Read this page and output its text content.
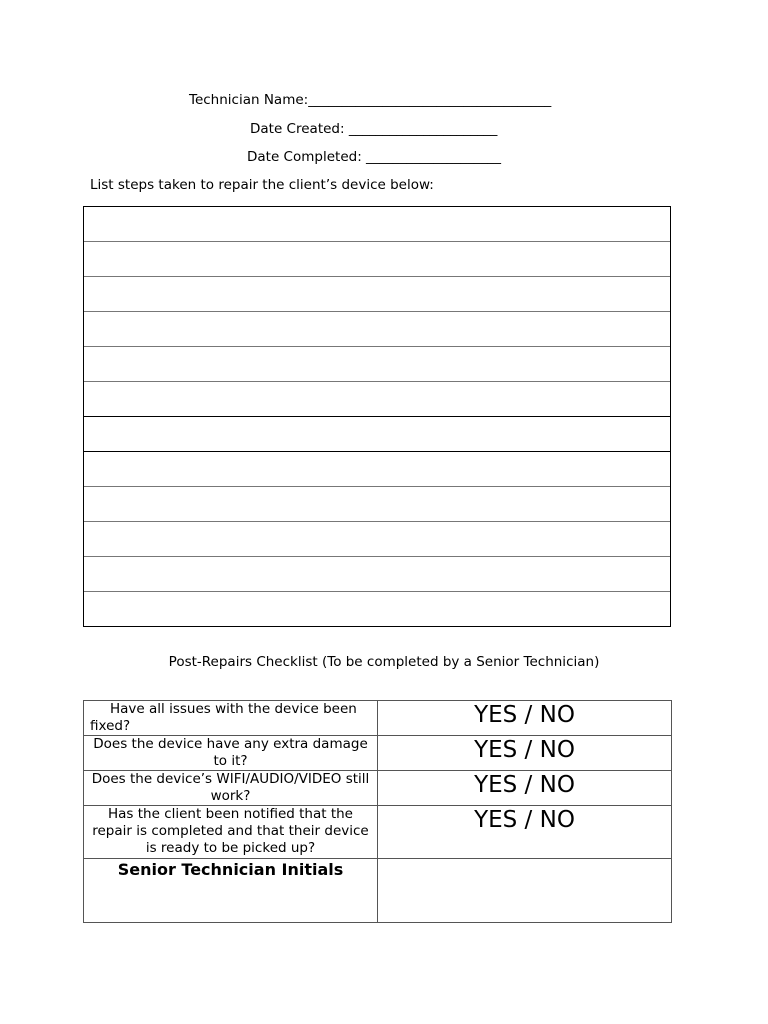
Technician Name:____________________________________
Date Created: ______________________
Date Completed: ____________________
List steps taken to repair the client’s device below:
Post-Repairs Checklist (To be completed by a Senior Technician)
Have all issues with the device been fixed?	YES / NO
Does the device have any extra damage to it?	YES / NO
Does the device’s WIFI/AUDIO/VIDEO still work?	YES / NO
Has the client been notified that the repair is completed and that their device is ready to be picked up?	YES / NO
Senior Technician Initials	
